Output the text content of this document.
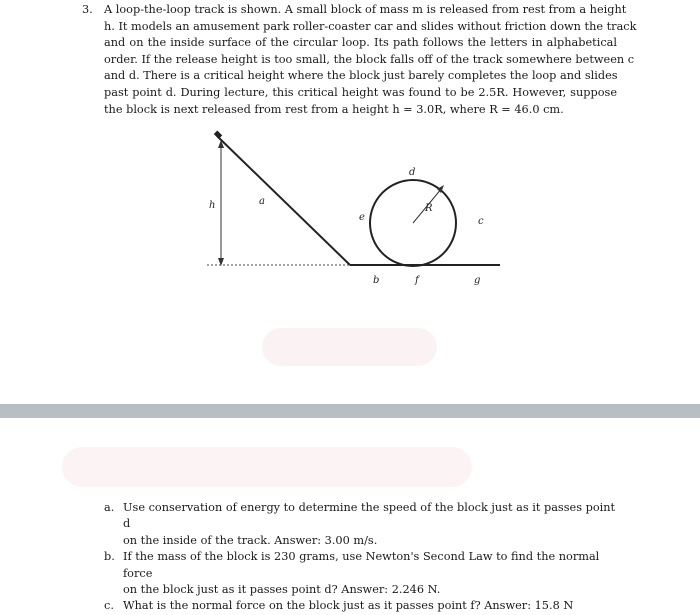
3. A loop-the-loop track is shown. A small block of mass m is released from rest from a height
h. It models an amusement park roller-coaster car and slides without friction down the track
and on the inside surface of the circular loop. Its path follows the letters in alphabetical
order. If the release height is too small, the block falls off of the track somewhere between c
and d. There is a critical height where the block just barely completes the loop and slides
past point d. During lecture, this critical height was found to be 2.5R. However, suppose
the block is next released from rest from a height h = 3.0R, where R = 46.0 cm.
h	a
e
d
R
c
b	f	g
a. Use conservation of energy to determine the speed of the block just as it passes point d
on the inside of the track. Answer: 3.00 m/s.
b. If the mass of the block is 230 grams, use Newton's Second Law to find the normal force
on the block just as it passes point d? Answer: 2.246 N.
c. What is the normal force on the block just as it passes point f? Answer: 15.8 N
